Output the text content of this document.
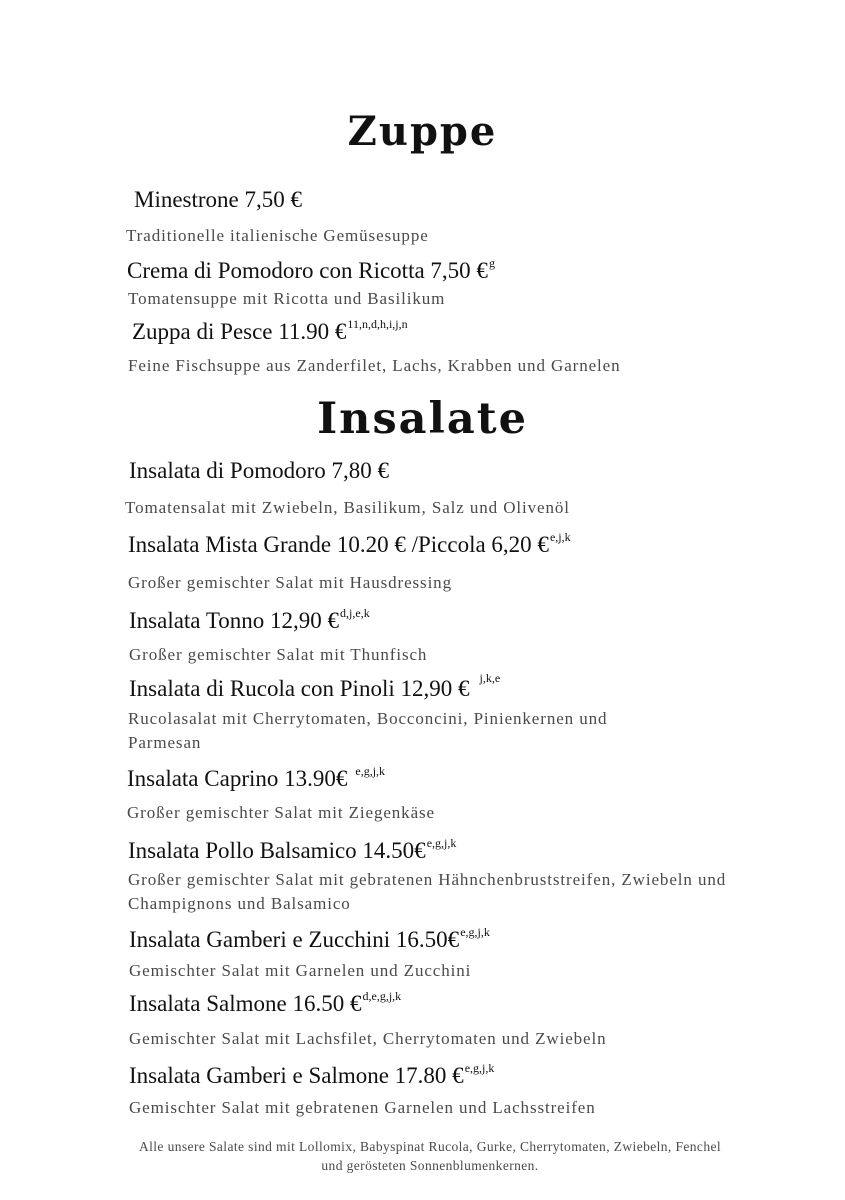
Zuppe
Minestrone 7,50 €
Traditionelle italienische Gemüsesuppe
Crema di Pomodoro con Ricotta 7,50 €$^g$
Tomatensuppe mit Ricotta und Basilikum
Zuppa di Pesce 11.90 €$^{11,n,d,h,i,j,n}$
Feine Fischsuppe aus Zanderfilet, Lachs, Krabben und Garnelen
Insalate
Insalata di Pomodoro 7,80 €
Tomatensalat mit Zwiebeln, Basilikum, Salz und Olivenöl
Insalata Mista Grande 10.20 € /Piccola 6,20 €$^{e,j,k}$
Großer gemischter Salat mit Hausdressing
Insalata Tonno 12,90 €$^{d,j,e,k}$
Großer gemischter Salat mit Thunfisch
Insalata di Rucola con Pinoli 12,90 € $^{j,k,e}$
Rucolasalat mit Cherrytomaten, Bocconcini, Pinienkernen und
Parmesan
Insalata Caprino 13.90€ $^{e,g,j,k}$
Großer gemischter Salat mit Ziegenkäse
Insalata Pollo Balsamico 14.50€$^{e,g,j,k}$
Großer gemischter Salat mit gebratenen Hähnchenbruststreifen, Zwiebeln und
Champignons und Balsamico
Insalata Gamberi e Zucchini 16.50€$^{e,g,j,k}$
Gemischter Salat mit Garnelen und Zucchini
Insalata Salmone 16.50 €$^{d,e,g,j,k}$
Gemischter Salat mit Lachsfilet, Cherrytomaten und Zwiebeln
Insalata Gamberi e Salmone 17.80 €$^{e,g,j,k}$
Gemischter Salat mit gebratenen Garnelen und Lachsstreifen
Alle unsere Salate sind mit Lollomix, Babyspinat Rucola, Gurke, Cherrytomaten, Zwiebeln, Fenchel
und gerösteten Sonnenblumenkernen.
